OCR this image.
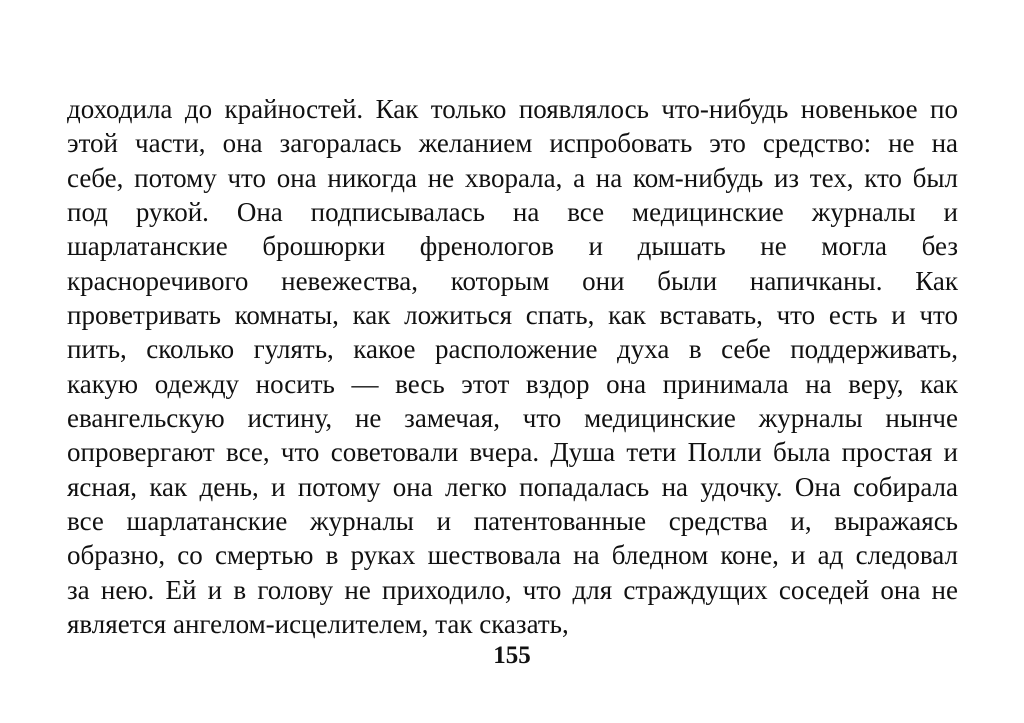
доходила до крайностей. Как только появлялось что-нибудь новенькое по
этой части, она загоралась желанием испробовать это средство: не на
себе, потому что она никогда не хворала, а на ком-нибудь из тех, кто был
под рукой. Она подписывалась на все медицинские журналы и
шарлатанские брошюрки френологов и дышать не могла без
красноречивого невежества, которым они были напичканы. Как
проветривать комнаты, как ложиться спать, как вставать, что есть и что
пить, сколько гулять, какое расположение духа в себе поддерживать,
какую одежду носить — весь этот вздор она принимала на веру, как
евангельскую истину, не замечая, что медицинские журналы нынче
опровергают все, что советовали вчера. Душа тети Полли была простая и
ясная, как день, и потому она легко попадалась на удочку. Она собирала
все шарлатанские журналы и патентованные средства и, выражаясь
образно, со смертью в руках шествовала на бледном коне, и ад следовал
за нею. Ей и в голову не приходило, что для страждущих соседей она не
является ангелом-исцелителем, так сказать,
155
